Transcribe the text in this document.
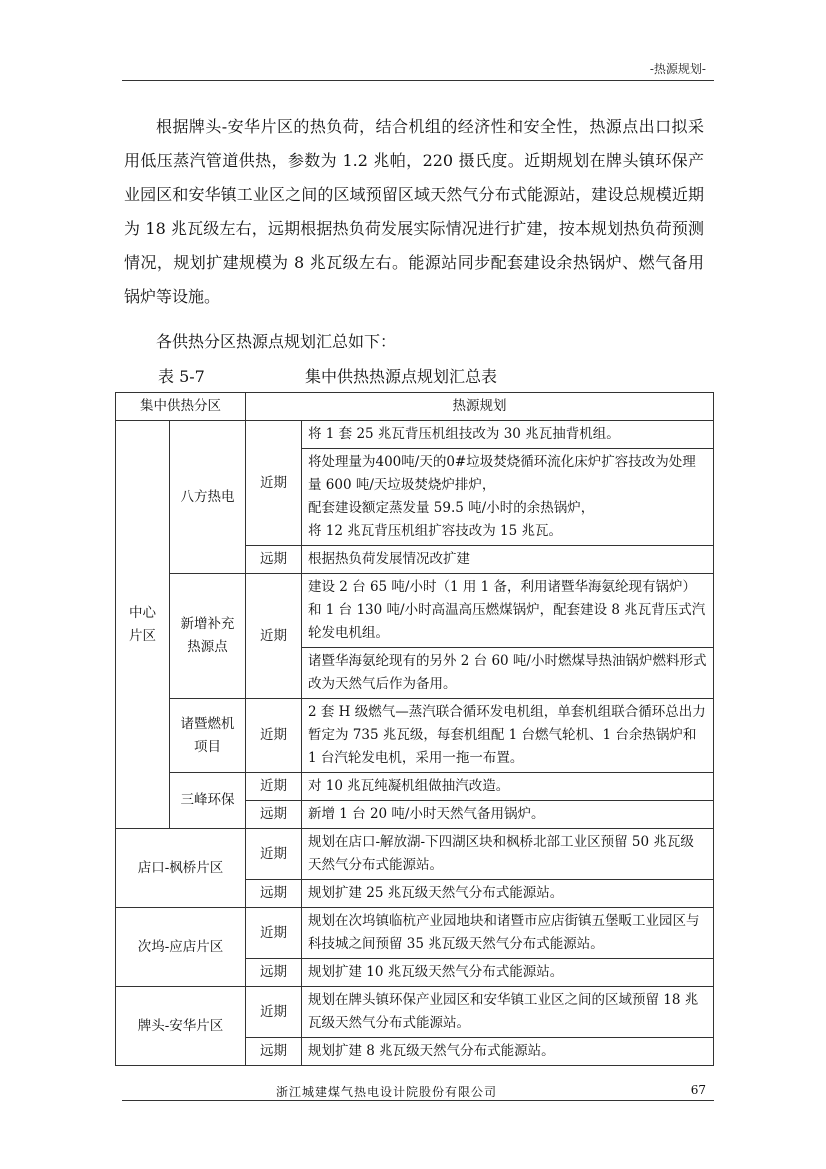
-热源规划-

根据牌头-安华片区的热负荷，结合机组的经济性和安全性，热源点出口拟采用低压蒸汽管道供热，参数为 1.2 兆帕，220 摄氏度。近期规划在牌头镇环保产业园区和安华镇工业区之间的区域预留区域天然气分布式能源站，建设总规模近期为 18 兆瓦级左右，远期根据热负荷发展实际情况进行扩建，按本规划热负荷预测情况，规划扩建规模为 8 兆瓦级左右。能源站同步配套建设余热锅炉、燃气备用锅炉等设施。

各供热分区热源点规划汇总如下：
表 5-7	集中供热热源点规划汇总表
集中供热分区		热源规划	
中心片区	八方热电	近期	将 1 套 25 兆瓦背压机组技改为 30 兆瓦抽背机组。

			将处理量为400吨/天的0#垃圾焚烧循环流化床炉扩容技改为处理量 600 吨/天垃圾焚烧炉排炉，
配套建设额定蒸发量 59.5 吨/小时的余热锅炉，
将 12 兆瓦背压机组扩容技改为 15 兆瓦。

		远期	根据热负荷发展情况改扩建
	新增补充热源点	近期	建设 2 台 65 吨/小时（1 用 1 备，利用诸暨华海氨纶现有锅炉）和 1 台 130 吨/小时高温高压燃煤锅炉，配套建设 8 兆瓦背压式汽轮发电机组。
			诸暨华海氨纶现有的另外 2 台 60 吨/小时燃煤导热油锅炉燃料形式改为天然气后作为备用。
	诸暨燃机项目	近期	2 套 H 级燃气—蒸汽联合循环发电机组，单套机组联合循环总出力暂定为 735 兆瓦级，每套机组配 1 台燃气轮机、1 台余热锅炉和 1 台汽轮发电机，采用一拖一布置。

	三峰环保	近期	对 10 兆瓦纯凝机组做抽汽改造。
		远期	新增 1 台 20 吨/小时天然气备用锅炉。
店口-枫桥片区		近期	规划在店口-解放湖-下四湖区块和枫桥北部工业区预留 50 兆瓦级天然气分布式能源站。
		远期	规划扩建 25 兆瓦级天然气分布式能源站。
次坞-应店片区		近期	规划在次坞镇临杭产业园地块和诸暨市应店街镇五堡畈工业园区与科技城之间预留 35 兆瓦级天然气分布式能源站。
		远期	规划扩建 10 兆瓦级天然气分布式能源站。
牌头-安华片区		近期	规划在牌头镇环保产业园区和安华镇工业区之间的区域预留 18 兆瓦级天然气分布式能源站。
		远期	规划扩建 8 兆瓦级天然气分布式能源站。
浙江城建煤气热电设计院股份有限公司	67
